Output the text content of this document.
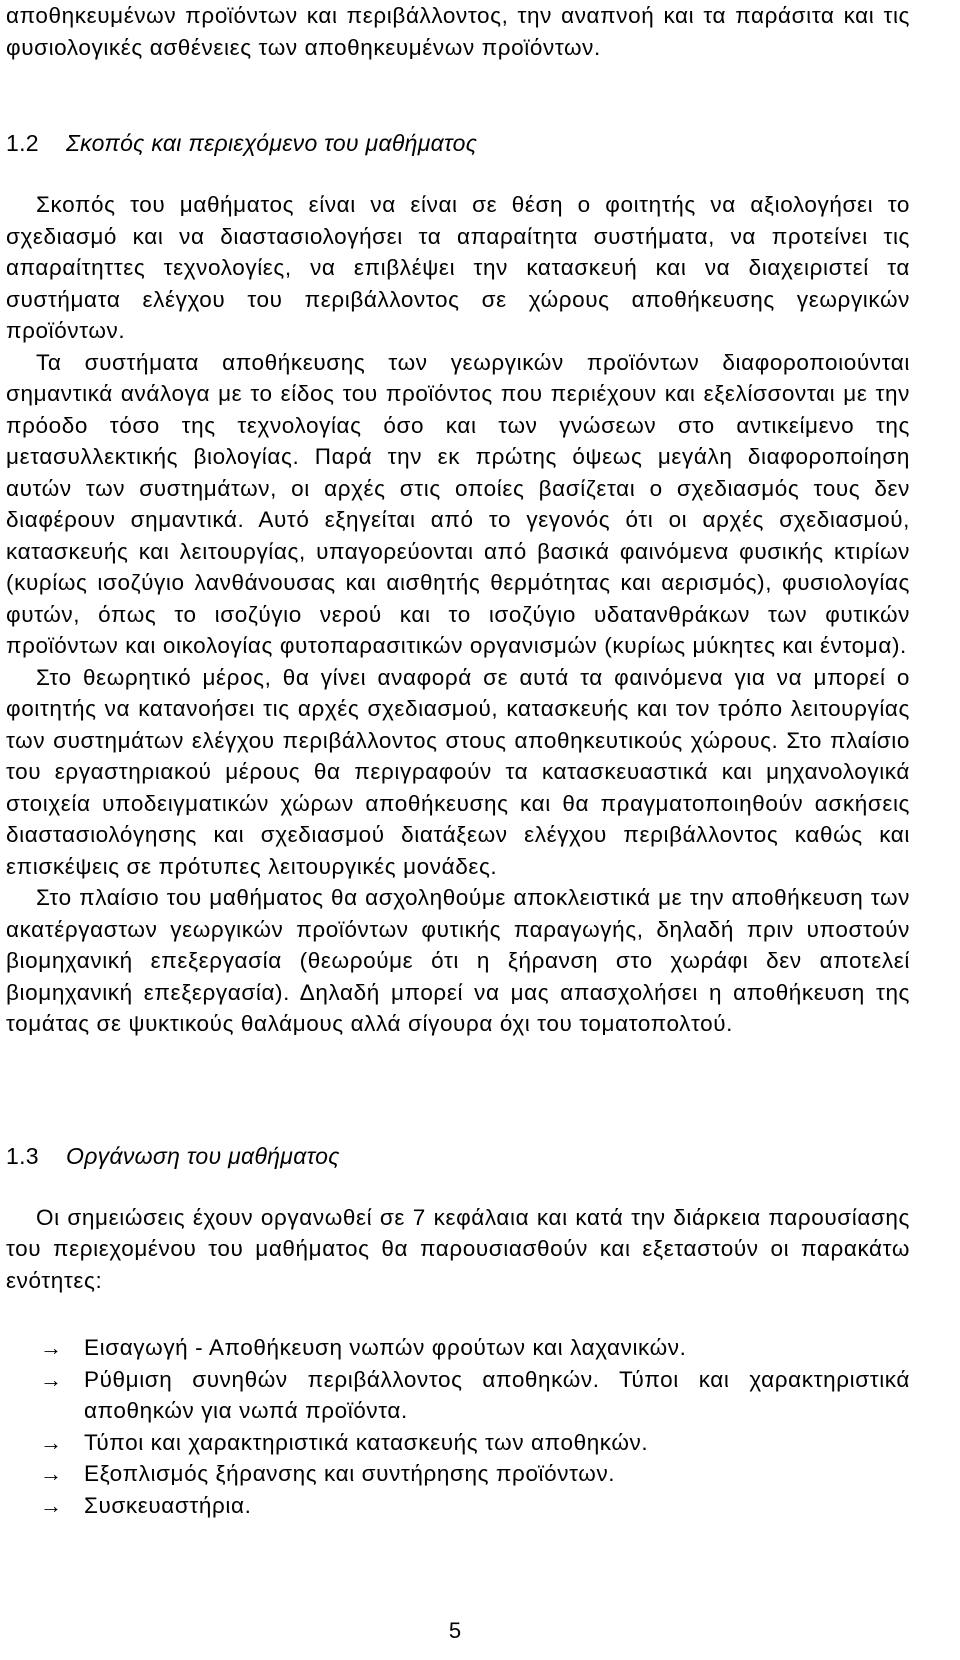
αποθηκευμένων προϊόντων και περιβάλλοντος, την αναπνοή και τα παράσιτα και τις φυσιολογικές ασθένειες των αποθηκευμένων προϊόντων.

1.2 Σκοπός και περιεχόμενο του μαθήματος

Σκοπός του μαθήματος είναι να είναι σε θέση ο φοιτητής να αξιολογήσει το σχεδιασμό και να διαστασιολογήσει τα απαραίτητα συστήματα, να προτείνει τις απαραίτηττες τεχνολογίες, να επιβλέψει την κατασκευή και να διαχειριστεί τα συστήματα ελέγχου του περιβάλλοντος σε χώρους αποθήκευσης γεωργικών προϊόντων.

Τα συστήματα αποθήκευσης των γεωργικών προϊόντων διαφοροποιούνται σημαντικά ανάλογα με το είδος του προϊόντος που περιέχουν και εξελίσσονται με την πρόοδο τόσο της τεχνολογίας όσο και των γνώσεων στο αντικείμενο της μετασυλλεκτικής βιολογίας. Παρά την εκ πρώτης όψεως μεγάλη διαφοροποίηση αυτών των συστημάτων, οι αρχές στις οποίες βασίζεται ο σχεδιασμός τους δεν διαφέρουν σημαντικά. Αυτό εξηγείται από το γεγονός ότι οι αρχές σχεδιασμού, κατασκευής και λειτουργίας, υπαγορεύονται από βασικά φαινόμενα φυσικής κτιρίων (κυρίως ισοζύγιο λανθάνουσας και αισθητής θερμότητας και αερισμός), φυσιολογίας φυτών, όπως το ισοζύγιο νερού και το ισοζύγιο υδατανθράκων των φυτικών προϊόντων και οικολογίας φυτοπαρασιτικών οργανισμών (κυρίως μύκητες και έντομα).

Στο θεωρητικό μέρος, θα γίνει αναφορά σε αυτά τα φαινόμενα για να μπορεί ο φοιτητής να κατανοήσει τις αρχές σχεδιασμού, κατασκευής και τον τρόπο λειτουργίας των συστημάτων ελέγχου περιβάλλοντος στους αποθηκευτικούς χώρους. Στο πλαίσιο του εργαστηριακού μέρους θα περιγραφούν τα κατασκευαστικά και μηχανολογικά στοιχεία υποδειγματικών χώρων αποθήκευσης και θα πραγματοποιηθούν ασκήσεις διαστασιολόγησης και σχεδιασμού διατάξεων ελέγχου περιβάλλοντος καθώς και επισκέψεις σε πρότυπες λειτουργικές μονάδες.

Στο πλαίσιο του μαθήματος θα ασχοληθούμε αποκλειστικά με την αποθήκευση των ακατέργαστων γεωργικών προϊόντων φυτικής παραγωγής, δηλαδή πριν υποστούν βιομηχανική επεξεργασία (θεωρούμε ότι η ξήρανση στο χωράφι δεν αποτελεί βιομηχανική επεξεργασία). Δηλαδή μπορεί να μας απασχολήσει η αποθήκευση της τομάτας σε ψυκτικούς θαλάμους αλλά σίγουρα όχι του τοματοπολτού.

1.3 Οργάνωση του μαθήματος

Οι σημειώσεις έχουν οργανωθεί σε 7 κεφάλαια και κατά την διάρκεια παρουσίασης του περιεχομένου του μαθήματος θα παρουσιασθούν και εξεταστούν οι παρακάτω ενότητες:

→ Εισαγωγή - Αποθήκευση νωπών φρούτων και λαχανικών.
→ Ρύθμιση συνηθών περιβάλλοντος αποθηκών. Τύποι και χαρακτηριστικά αποθηκών για νωπά προϊόντα.
→ Τύποι και χαρακτηριστικά κατασκευής των αποθηκών.
→ Εξοπλισμός ξήρανσης και συντήρησης προϊόντων.
→ Συσκευαστήρια.
5
